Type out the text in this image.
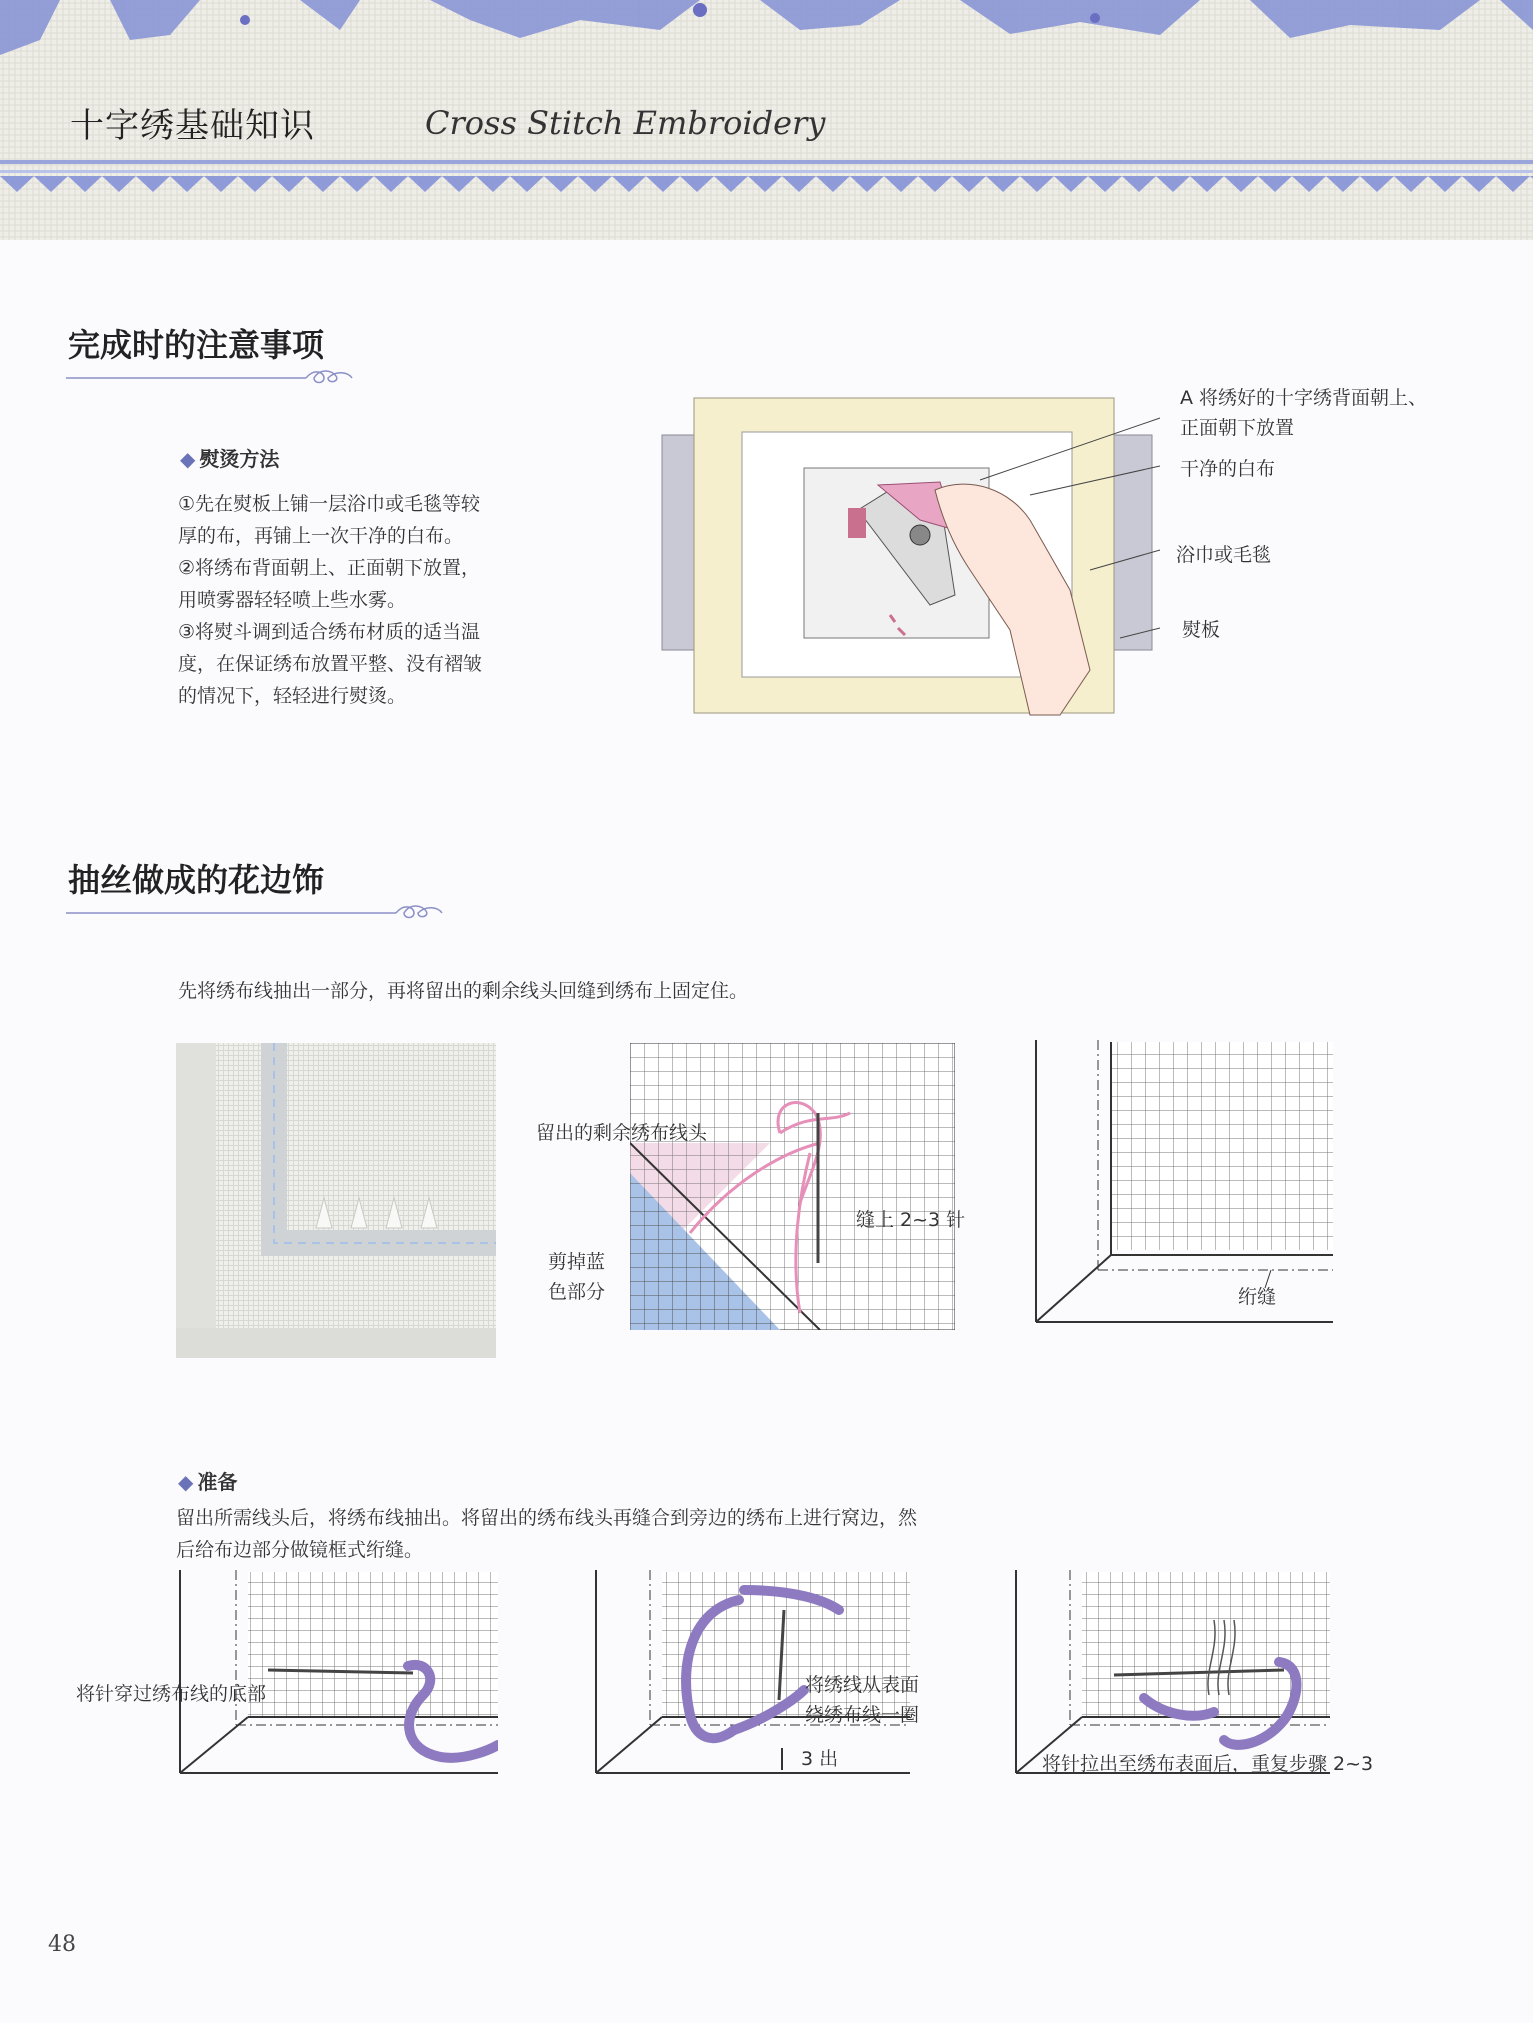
十字绣基础知识	Cross Stitch Embroidery
完成时的注意事项
◆ 熨烫方法
①先在熨板上铺一层浴巾或毛毯等较
厚的布，再铺上一次干净的白布。
②将绣布背面朝上、正面朝下放置，
用喷雾器轻轻喷上些水雾。
③将熨斗调到适合绣布材质的适当温
度，在保证绣布放置平整、没有褶皱
的情况下，轻轻进行熨烫。
A 将绣好的十字绣背面朝上、
正面朝下放置
干净的白布
浴巾或毛毯
熨板
抽丝做成的花边饰
先将绣布线抽出一部分，再将留出的剩余线头回缝到绣布上固定住。
留出的剩余绣布线头
缝上 2~3 针
剪掉蓝
色部分	绗缝
◆ 准备
留出所需线头后，将绣布线抽出。将留出的绣布线头再缝合到旁边的绣布上进行窝边，然
后给布边部分做镜框式绗缝。
将针穿过绣布线的底部	将绣线从表面
绕绣布线一圈
3 出	将针拉出至绣布表面后，重复步骤 2~3
48
